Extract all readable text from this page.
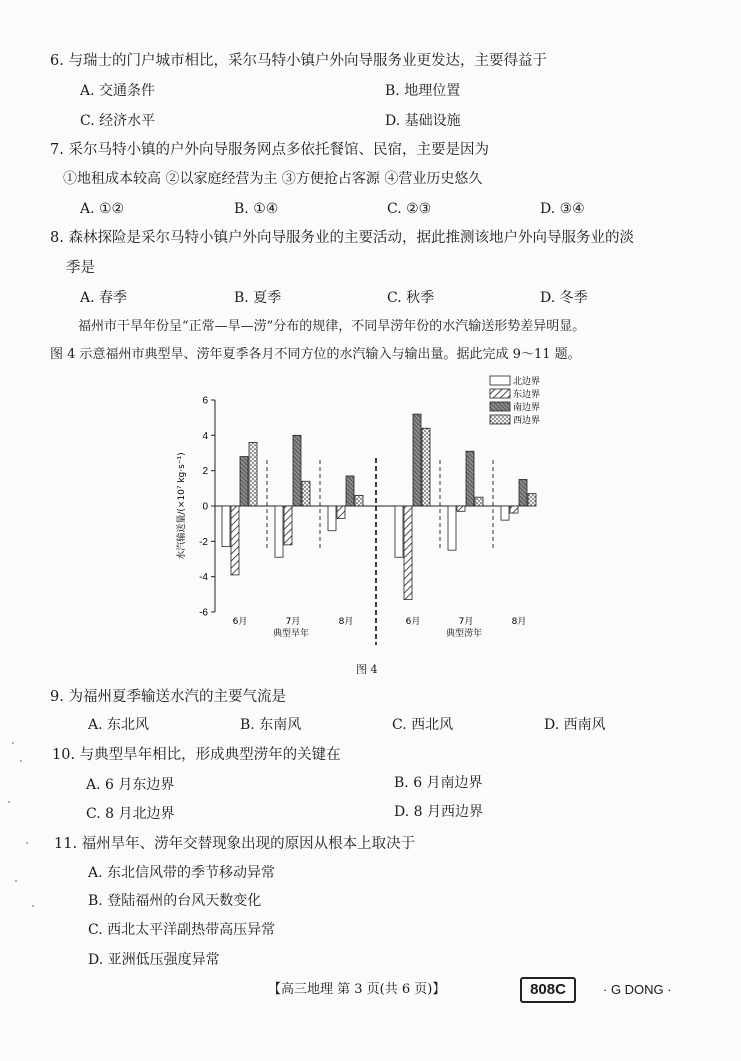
6. 与瑞士的门户城市相比，采尔马特小镇户外向导服务业更发达，主要得益于
A. 交通条件	B. 地理位置
C. 经济水平	D. 基础设施
7. 采尔马特小镇的户外向导服务网点多依托餐馆、民宿，主要是因为
①地租成本较高 ②以家庭经营为主 ③方便抢占客源 ④营业历史悠久
A. ①②	B. ①④	C. ②③	D. ③④
8. 森林探险是采尔马特小镇户外向导服务业的主要活动，据此推测该地户外向导服务业的淡
季是
A. 春季	B. 夏季	C. 秋季	D. 冬季
福州市干旱年份呈“正常—旱—涝”分布的规律，不同旱涝年份的水汽输送形势差异明显。
图 4 示意福州市典型旱、涝年夏季各月不同方位的水汽输入与输出量。据此完成 9～11 题。
-6
-4
-2
0
2
4
6
水汽输送量/(×10⁷ kg·s⁻¹)
6月	7月	8月
典型旱年
6月	7月	8月
典型涝年
北边界
东边界
南边界
西边界
图 4
9. 为福州夏季输送水汽的主要气流是
A. 东北风	B. 东南风	C. 西北风	D. 西南风
10. 与典型旱年相比，形成典型涝年的关键在
A. 6 月东边界	B. 6 月南边界
C. 8 月北边界	D. 8 月西边界
11. 福州旱年、涝年交替现象出现的原因从根本上取决于
A. 东北信风带的季节移动异常
B. 登陆福州的台风天数变化
C. 西北太平洋副热带高压异常
D. 亚洲低压强度异常
【高三地理 第 3 页(共 6 页)】	808C	· G DONG ·
